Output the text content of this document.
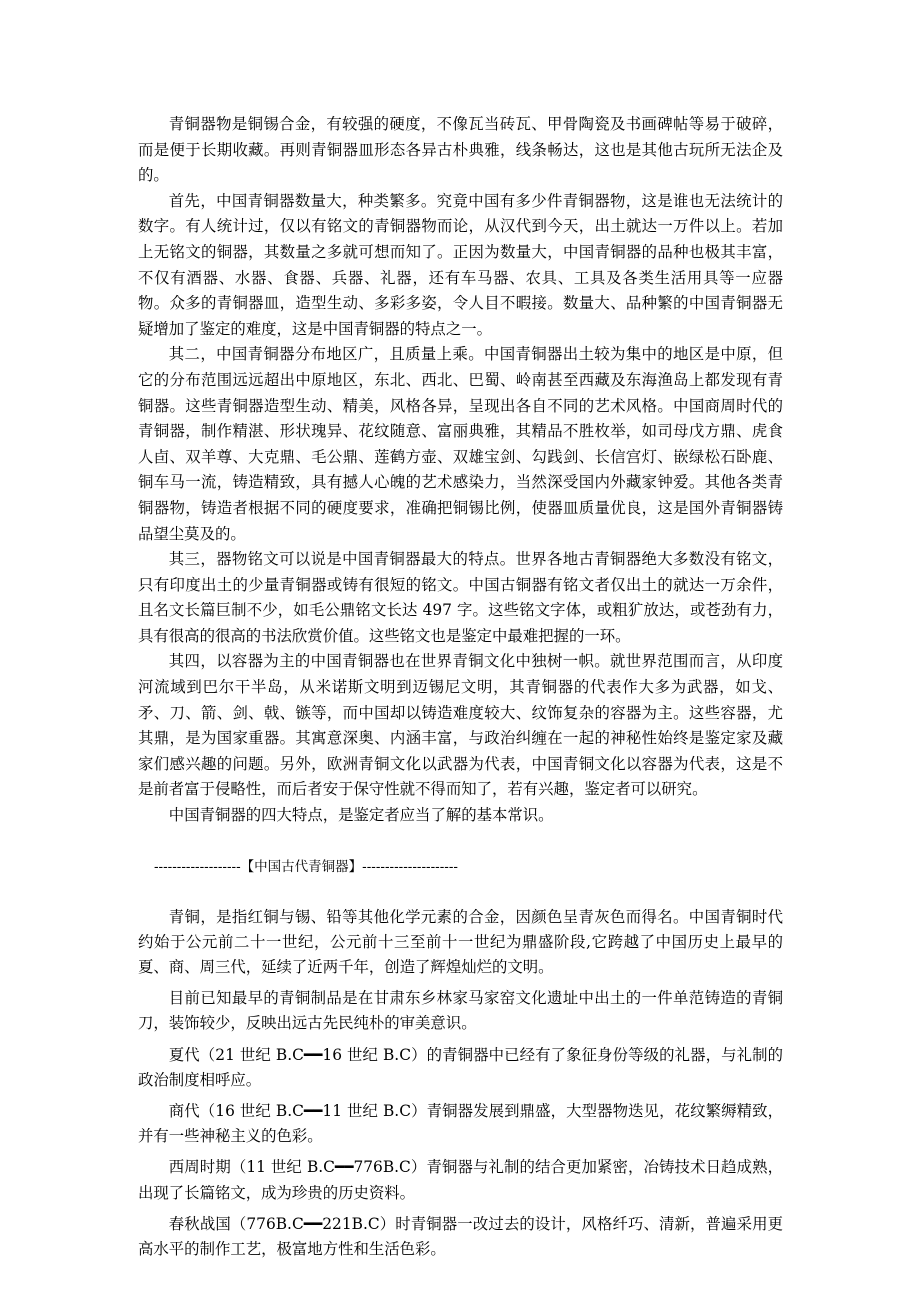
青铜器物是铜锡合金，有较强的硬度，不像瓦当砖瓦、甲骨陶瓷及书画碑帖等易于破碎，而是便于长期收藏。再则青铜器皿形态各异古朴典雅，线条畅达，这也是其他古玩所无法企及的。

首先，中国青铜器数量大，种类繁多。究竟中国有多少件青铜器物，这是谁也无法统计的数字。有人统计过，仅以有铭文的青铜器物而论，从汉代到今天，出土就达一万件以上。若加上无铭文的铜器，其数量之多就可想而知了。正因为数量大，中国青铜器的品种也极其丰富，不仅有酒器、水器、食器、兵器、礼器，还有车马器、农具、工具及各类生活用具等一应器物。众多的青铜器皿，造型生动、多彩多姿，令人目不暇接。数量大、品种繁的中国青铜器无疑增加了鉴定的难度，这是中国青铜器的特点之一。

其二，中国青铜器分布地区广，且质量上乘。中国青铜器出土较为集中的地区是中原，但它的分布范围远远超出中原地区，东北、西北、巴蜀、岭南甚至西藏及东海渔岛上都发现有青铜器。这些青铜器造型生动、精美，风格各异，呈现出各自不同的艺术风格。中国商周时代的青铜器，制作精湛、形状瑰异、花纹随意、富丽典雅，其精品不胜枚举，如司母戊方鼎、虎食人卣、双羊尊、大克鼎、毛公鼎、莲鹤方壶、双雄宝剑、勾践剑、长信宫灯、嵌绿松石卧鹿、铜车马一流，铸造精致，具有撼人心魄的艺术感染力，当然深受国内外藏家钟爱。其他各类青铜器物，铸造者根据不同的硬度要求，准确把铜锡比例，使器皿质量优良，这是国外青铜器铸品望尘莫及的。

其三，器物铭文可以说是中国青铜器最大的特点。世界各地古青铜器绝大多数没有铭文，只有印度出土的少量青铜器或铸有很短的铭文。中国古铜器有铭文者仅出土的就达一万余件，且名文长篇巨制不少，如毛公鼎铭文长达 497 字。这些铭文字体，或粗犷放达，或苍劲有力，具有很高的很高的书法欣赏价值。这些铭文也是鉴定中最难把握的一环。

其四，以容器为主的中国青铜器也在世界青铜文化中独树一帜。就世界范围而言，从印度河流域到巴尔干半岛，从米诺斯文明到迈锡尼文明，其青铜器的代表作大多为武器，如戈、矛、刀、箭、剑、戟、镞等，而中国却以铸造难度较大、纹饰复杂的容器为主。这些容器，尤其鼎，是为国家重器。其寓意深奥、内涵丰富，与政治纠缠在一起的神秘性始终是鉴定家及藏家们感兴趣的问题。另外，欧洲青铜文化以武器为代表，中国青铜文化以容器为代表，这是不是前者富于侵略性，而后者安于保守性就不得而知了，若有兴趣，鉴定者可以研究。

中国青铜器的四大特点，是鉴定者应当了解的基本常识。

-------------------【中国古代青铜器】---------------------

青铜，是指红铜与锡、铅等其他化学元素的合金，因颜色呈青灰色而得名。中国青铜时代约始于公元前二十一世纪，公元前十三至前十一世纪为鼎盛阶段,它跨越了中国历史上最早的夏、商、周三代，延续了近两千年，创造了辉煌灿烂的文明。

目前已知最早的青铜制品是在甘肃东乡林家马家窑文化遗址中出土的一件单范铸造的青铜刀，装饰较少，反映出远古先民纯朴的审美意识。

夏代（21 世纪 B.C━━16 世纪 B.C）的青铜器中已经有了象征身份等级的礼器，与礼制的政治制度相呼应。

商代（16 世纪 B.C━━11 世纪 B.C）青铜器发展到鼎盛，大型器物迭见，花纹繁缛精致，并有一些神秘主义的色彩。

西周时期（11 世纪 B.C━━776B.C）青铜器与礼制的结合更加紧密，冶铸技术日趋成熟，出现了长篇铭文，成为珍贵的历史资料。

春秋战国（776B.C━━221B.C）时青铜器一改过去的设计，风格纤巧、清新，普遍采用更高水平的制作工艺，极富地方性和生活色彩。
